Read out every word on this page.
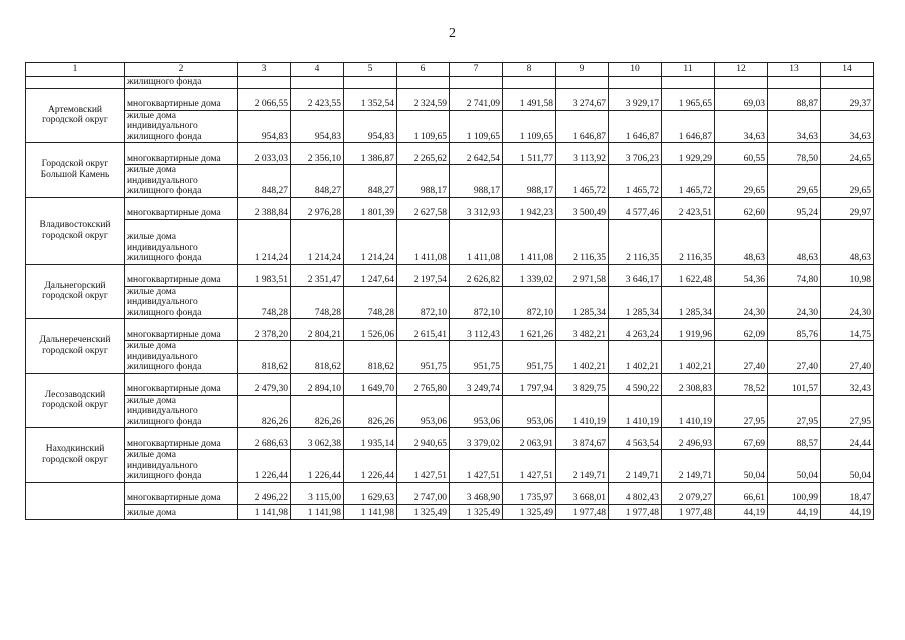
2
1	2	3	4	5	6	7	8	9	10	11	12	13	14
	жилищного фонда												
Артемовский городской округ	многоквартирные дома	2 066,55	2 423,55	1 352,54	2 324,59	2 741,09	1 491,58	3 274,67	3 929,17	1 965,65	69,03	88,87	29,37
	жилые дома индивидуального жилищного фонда	954,83	954,83	954,83	1 109,65	1 109,65	1 109,65	1 646,87	1 646,87	1 646,87	34,63	34,63	34,63
Городской округ Большой Камень	многоквартирные дома	2 033,03	2 356,10	1 386,87	2 265,62	2 642,54	1 511,77	3 113,92	3 706,23	1 929,29	60,55	78,50	24,65
	жилые дома индивидуального жилищного фонда	848,27	848,27	848,27	988,17	988,17	988,17	1 465,72	1 465,72	1 465,72	29,65	29,65	29,65
Владивостокский городской округ	многоквартирные дома	2 388,84	2 976,28	1 801,39	2 627,58	3 312,93	1 942,23	3 500,49	4 577,46	2 423,51	62,60	95,24	29,97
	жилые дома индивидуального жилищного фонда	1 214,24	1 214,24	1 214,24	1 411,08	1 411,08	1 411,08	2 116,35	2 116,35	2 116,35	48,63	48,63	48,63
Дальнегорский городской округ	многоквартирные дома	1 983,51	2 351,47	1 247,64	2 197,54	2 626,82	1 339,02	2 971,58	3 646,17	1 622,48	54,36	74,80	10,98
	жилые дома индивидуального жилищного фонда	748,28	748,28	748,28	872,10	872,10	872,10	1 285,34	1 285,34	1 285,34	24,30	24,30	24,30
Дальнереченский городской округ	многоквартирные дома	2 378,20	2 804,21	1 526,06	2 615,41	3 112,43	1 621,26	3 482,21	4 263,24	1 919,96	62,09	85,76	14,75
	жилые дома индивидуального жилищного фонда	818,62	818,62	818,62	951,75	951,75	951,75	1 402,21	1 402,21	1 402,21	27,40	27,40	27,40
Лесозаводский городской округ	многоквартирные дома	2 479,30	2 894,10	1 649,70	2 765,80	3 249,74	1 797,94	3 829,75	4 590,22	2 308,83	78,52	101,57	32,43
	жилые дома индивидуального жилищного фонда	826,26	826,26	826,26	953,06	953,06	953,06	1 410,19	1 410,19	1 410,19	27,95	27,95	27,95
Находкинский городской округ	многоквартирные дома	2 686,63	3 062,38	1 935,14	2 940,65	3 379,02	2 063,91	3 874,67	4 563,54	2 496,93	67,69	88,57	24,44
	жилые дома индивидуального жилищного фонда	1 226,44	1 226,44	1 226,44	1 427,51	1 427,51	1 427,51	2 149,71	2 149,71	2 149,71	50,04	50,04	50,04
	многоквартирные дома	2 496,22	3 115,00	1 629,63	2 747,00	3 468,90	1 735,97	3 668,01	4 802,43	2 079,27	66,61	100,99	18,47
	жилые дома	1 141,98	1 141,98	1 141,98	1 325,49	1 325,49	1 325,49	1 977,48	1 977,48	1 977,48	44,19	44,19	44,19
